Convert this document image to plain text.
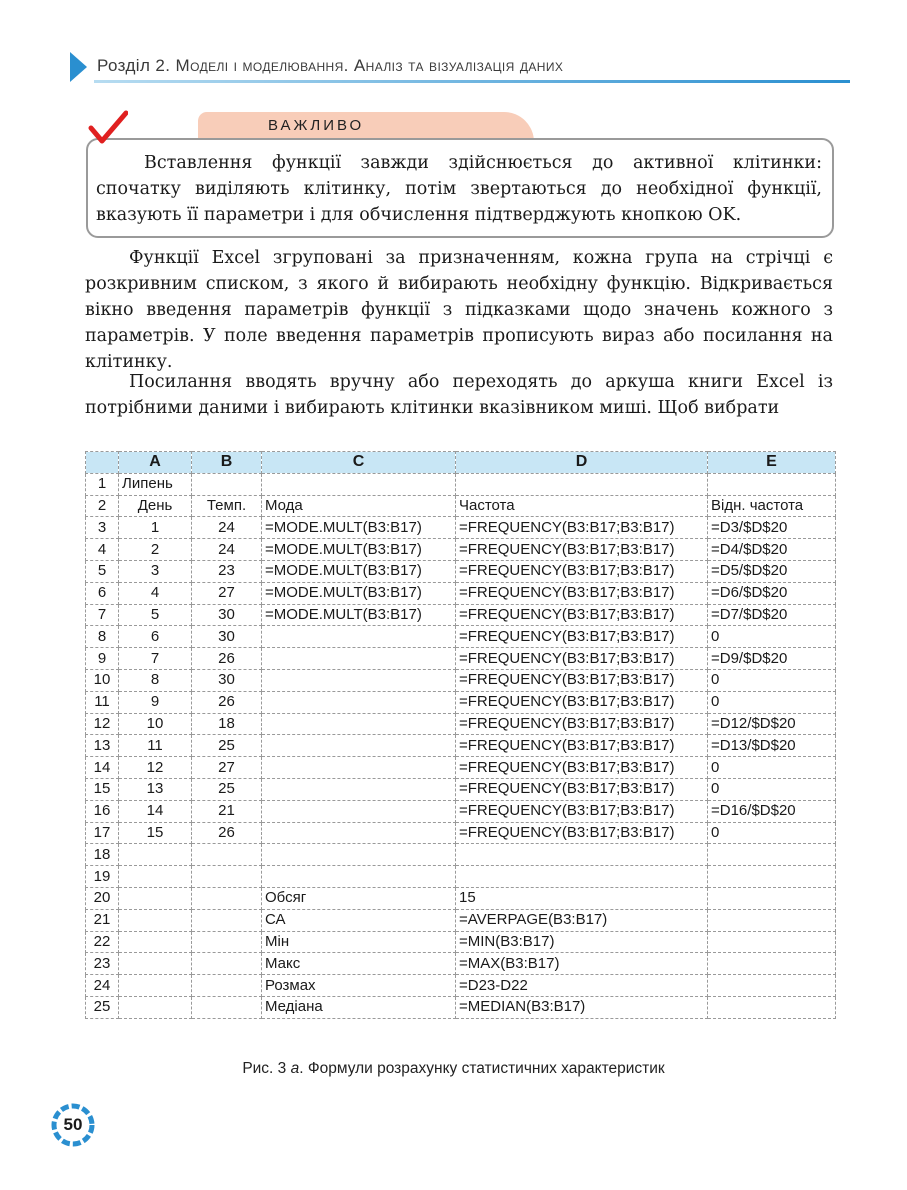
Розділ 2. Моделі і моделювання. Аналіз та візуалізація даних
ВАЖЛИВО
Вставлення функції завжди здійснюється до активної клітинки: спочатку виділяють клітинку, потім звертаються до необхідної функції, вказують її параметри і для обчислення підтверджують кнопкою OK.

Функції Excel згруповані за призначенням, кожна група на стрічці є розкривним списком, з якого й вибирають необхідну функцію. Відкривається вікно введення параметрів функції з підказками щодо значень кожного з параметрів. У поле введення параметрів прописують вираз або посилання на клітинку.

Посилання вводять вручну або переходять до аркуша книги Excel із потрібними даними і вибирають клітинки вказівником миші. Щоб вибрати

	A	B	C	D	E
1	Липень				
2	День	Темп.	Мода	Частота	Відн. частота
3	1	24	=MODE.MULT(B3:B17)	=FREQUENCY(B3:B17;B3:B17)	=D3/$D$20
4	2	24	=MODE.MULT(B3:B17)	=FREQUENCY(B3:B17;B3:B17)	=D4/$D$20
5	3	23	=MODE.MULT(B3:B17)	=FREQUENCY(B3:B17;B3:B17)	=D5/$D$20
6	4	27	=MODE.MULT(B3:B17)	=FREQUENCY(B3:B17;B3:B17)	=D6/$D$20
7	5	30	=MODE.MULT(B3:B17)	=FREQUENCY(B3:B17;B3:B17)	=D7/$D$20
8	6	30		=FREQUENCY(B3:B17;B3:B17)	0
9	7	26		=FREQUENCY(B3:B17;B3:B17)	=D9/$D$20
10	8	30		=FREQUENCY(B3:B17;B3:B17)	0
11	9	26		=FREQUENCY(B3:B17;B3:B17)	0
12	10	18		=FREQUENCY(B3:B17;B3:B17)	=D12/$D$20
13	11	25		=FREQUENCY(B3:B17;B3:B17)	=D13/$D$20
14	12	27		=FREQUENCY(B3:B17;B3:B17)	0
15	13	25		=FREQUENCY(B3:B17;B3:B17)	0
16	14	21		=FREQUENCY(B3:B17;B3:B17)	=D16/$D$20
17	15	26		=FREQUENCY(B3:B17;B3:B17)	0
18					
19					
20			Обсяг	15	
21			СА	=AVERPAGE(B3:B17)	
22			Мін	=MIN(B3:B17)	
23			Макс	=MAX(B3:B17)	
24			Розмах	=D23-D22	
25			Медіана	=MEDIAN(B3:B17)	
Рис. 3 а. Формули розрахунку статистичних характеристик
50
